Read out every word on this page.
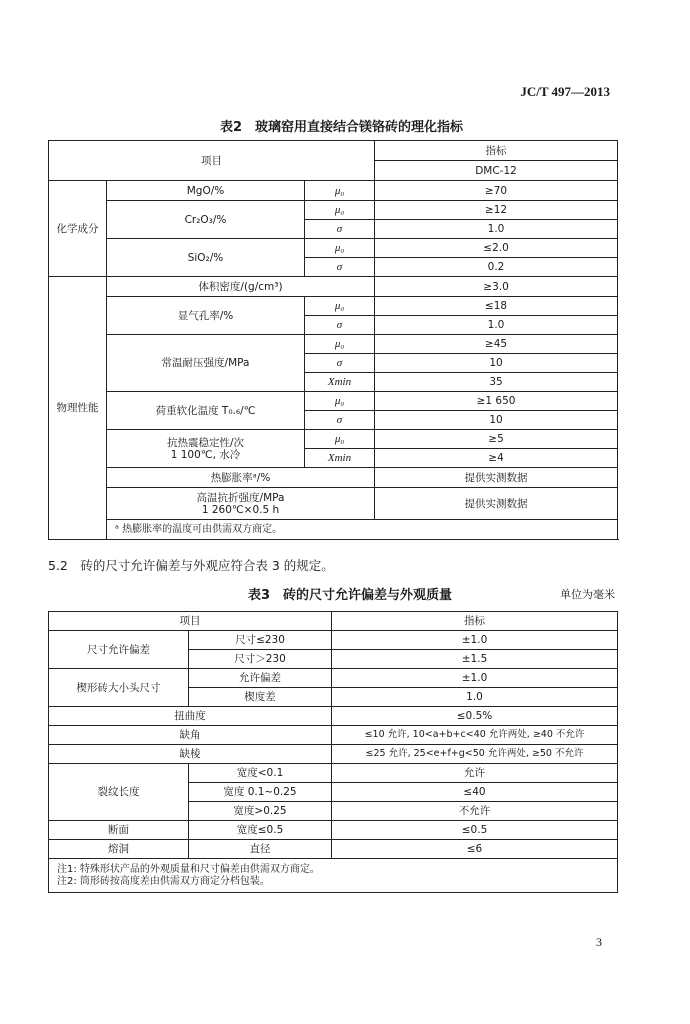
JC/T 497—2013
表2　玻璃窑用直接结合镁铬砖的理化指标
项目			指标
			DMC-12
化学成分	MgO/%	μ₀	≥70
	Cr₂O₃/%	μ₀	≥12
		σ	1.0
	SiO₂/%	μ₀	≤2.0
		σ	0.2
物理性能	体积密度/(g/cm³)		≥3.0
	显气孔率/%	μ₀	≤18
		σ	1.0
	常温耐压强度/MPa	μ₀	≥45
		σ	10
		Xmin	35
	荷重软化温度 T₀.₆/℃	μ₀	≥1 650
		σ	10

	抗热震稳定性/次
1 100℃, 水冷	μ₀	≥5
		Xmin	≥4
	热膨胀率ᵃ/%		提供实测数据

	高温抗折强度/MPa
1 260℃×0.5 h		提供实测数据
	ᵃ 热膨胀率的温度可由供需双方商定。		
5.2　砖的尺寸允许偏差与外观应符合表 3 的规定。
表3　砖的尺寸允许偏差与外观质量	单位为毫米
项目		指标
尺寸允许偏差	尺寸≤230	±1.0
	尺寸＞230	±1.5
楔形砖大小头尺寸	允许偏差	±1.0
	楔度差	1.0
扭曲度		≤0.5%
缺角		≤10 允许, 10<a+b+c<40 允许两处, ≥40 不允许
缺棱		≤25 允许, 25<e+f+g<50 允许两处, ≥50 不允许
裂纹长度	宽度<0.1	允许
	宽度 0.1~0.25	≤40
	宽度>0.25	不允许
断面	宽度≤0.5	≤0.5
熔洞	直径	≤6

注1: 特殊形状产品的外观质量和尺寸偏差由供需双方商定。
注2: 筒形砖按高度差由供需双方商定分档包装。		
3
